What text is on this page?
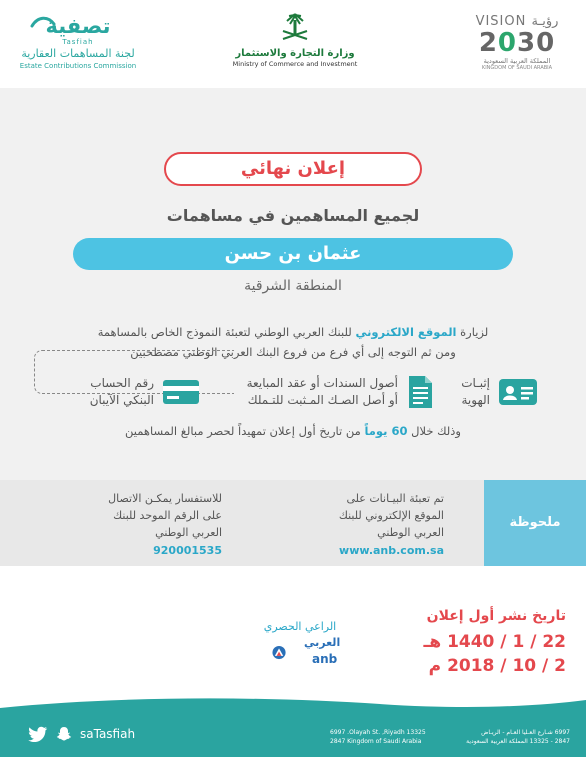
تصفية
Tasfiah
لجنة المساهمات العقارية
Estate Contributions Commission
وزارة التجارة والاستثمار
Ministry of Commerce and Investment
VISION رؤيـة
2030
المملكة العربية السعودية
KINGDOM OF SAUDI ARABIA
إعلان نهائي
لجميع المساهمين في مساهمات
عثمان بن حسن
المنطقة الشرقية
لزيارة الموقع الالكتروني للبنك العربي الوطني لتعبئة النموذج الخاص بالمساهمة
ومن ثم التوجه إلى أي فرع من فروع البنك العربي الوطني مصطحبين
إثبـات
الهوية
أصول السندات أو عقد المبايعة
أو أصل الصـك المـثبت للتـملك
رقم الحساب
البنكي الآيبان
وذلك خلال 60 يوماً من تاريخ أول إعلان تمهيداً لحصر مبالغ المساهمين
ملحوظة
تم تعبئة البيـانات على
الموقع الإلكتروني للبنك
العربي الوطني
www.anb.com.sa
للاستفسار يمكـن الاتصال
على الرقم الموحد للبنك
العربي الوطني
920001535
تاريخ نشر أول إعلان
22 / 1 / 1440 هـ
2 / 10 / 2018 م
الراعي الحصري
العربي
anb
saTasfiah	6997 .Olayah St. ,Riyadh 13325
2847 Kingdom of Saudi Arabia
6997 شـارع العـليا العـام - الريـاض
2847 - 13325 المملكة العربية السعودية
